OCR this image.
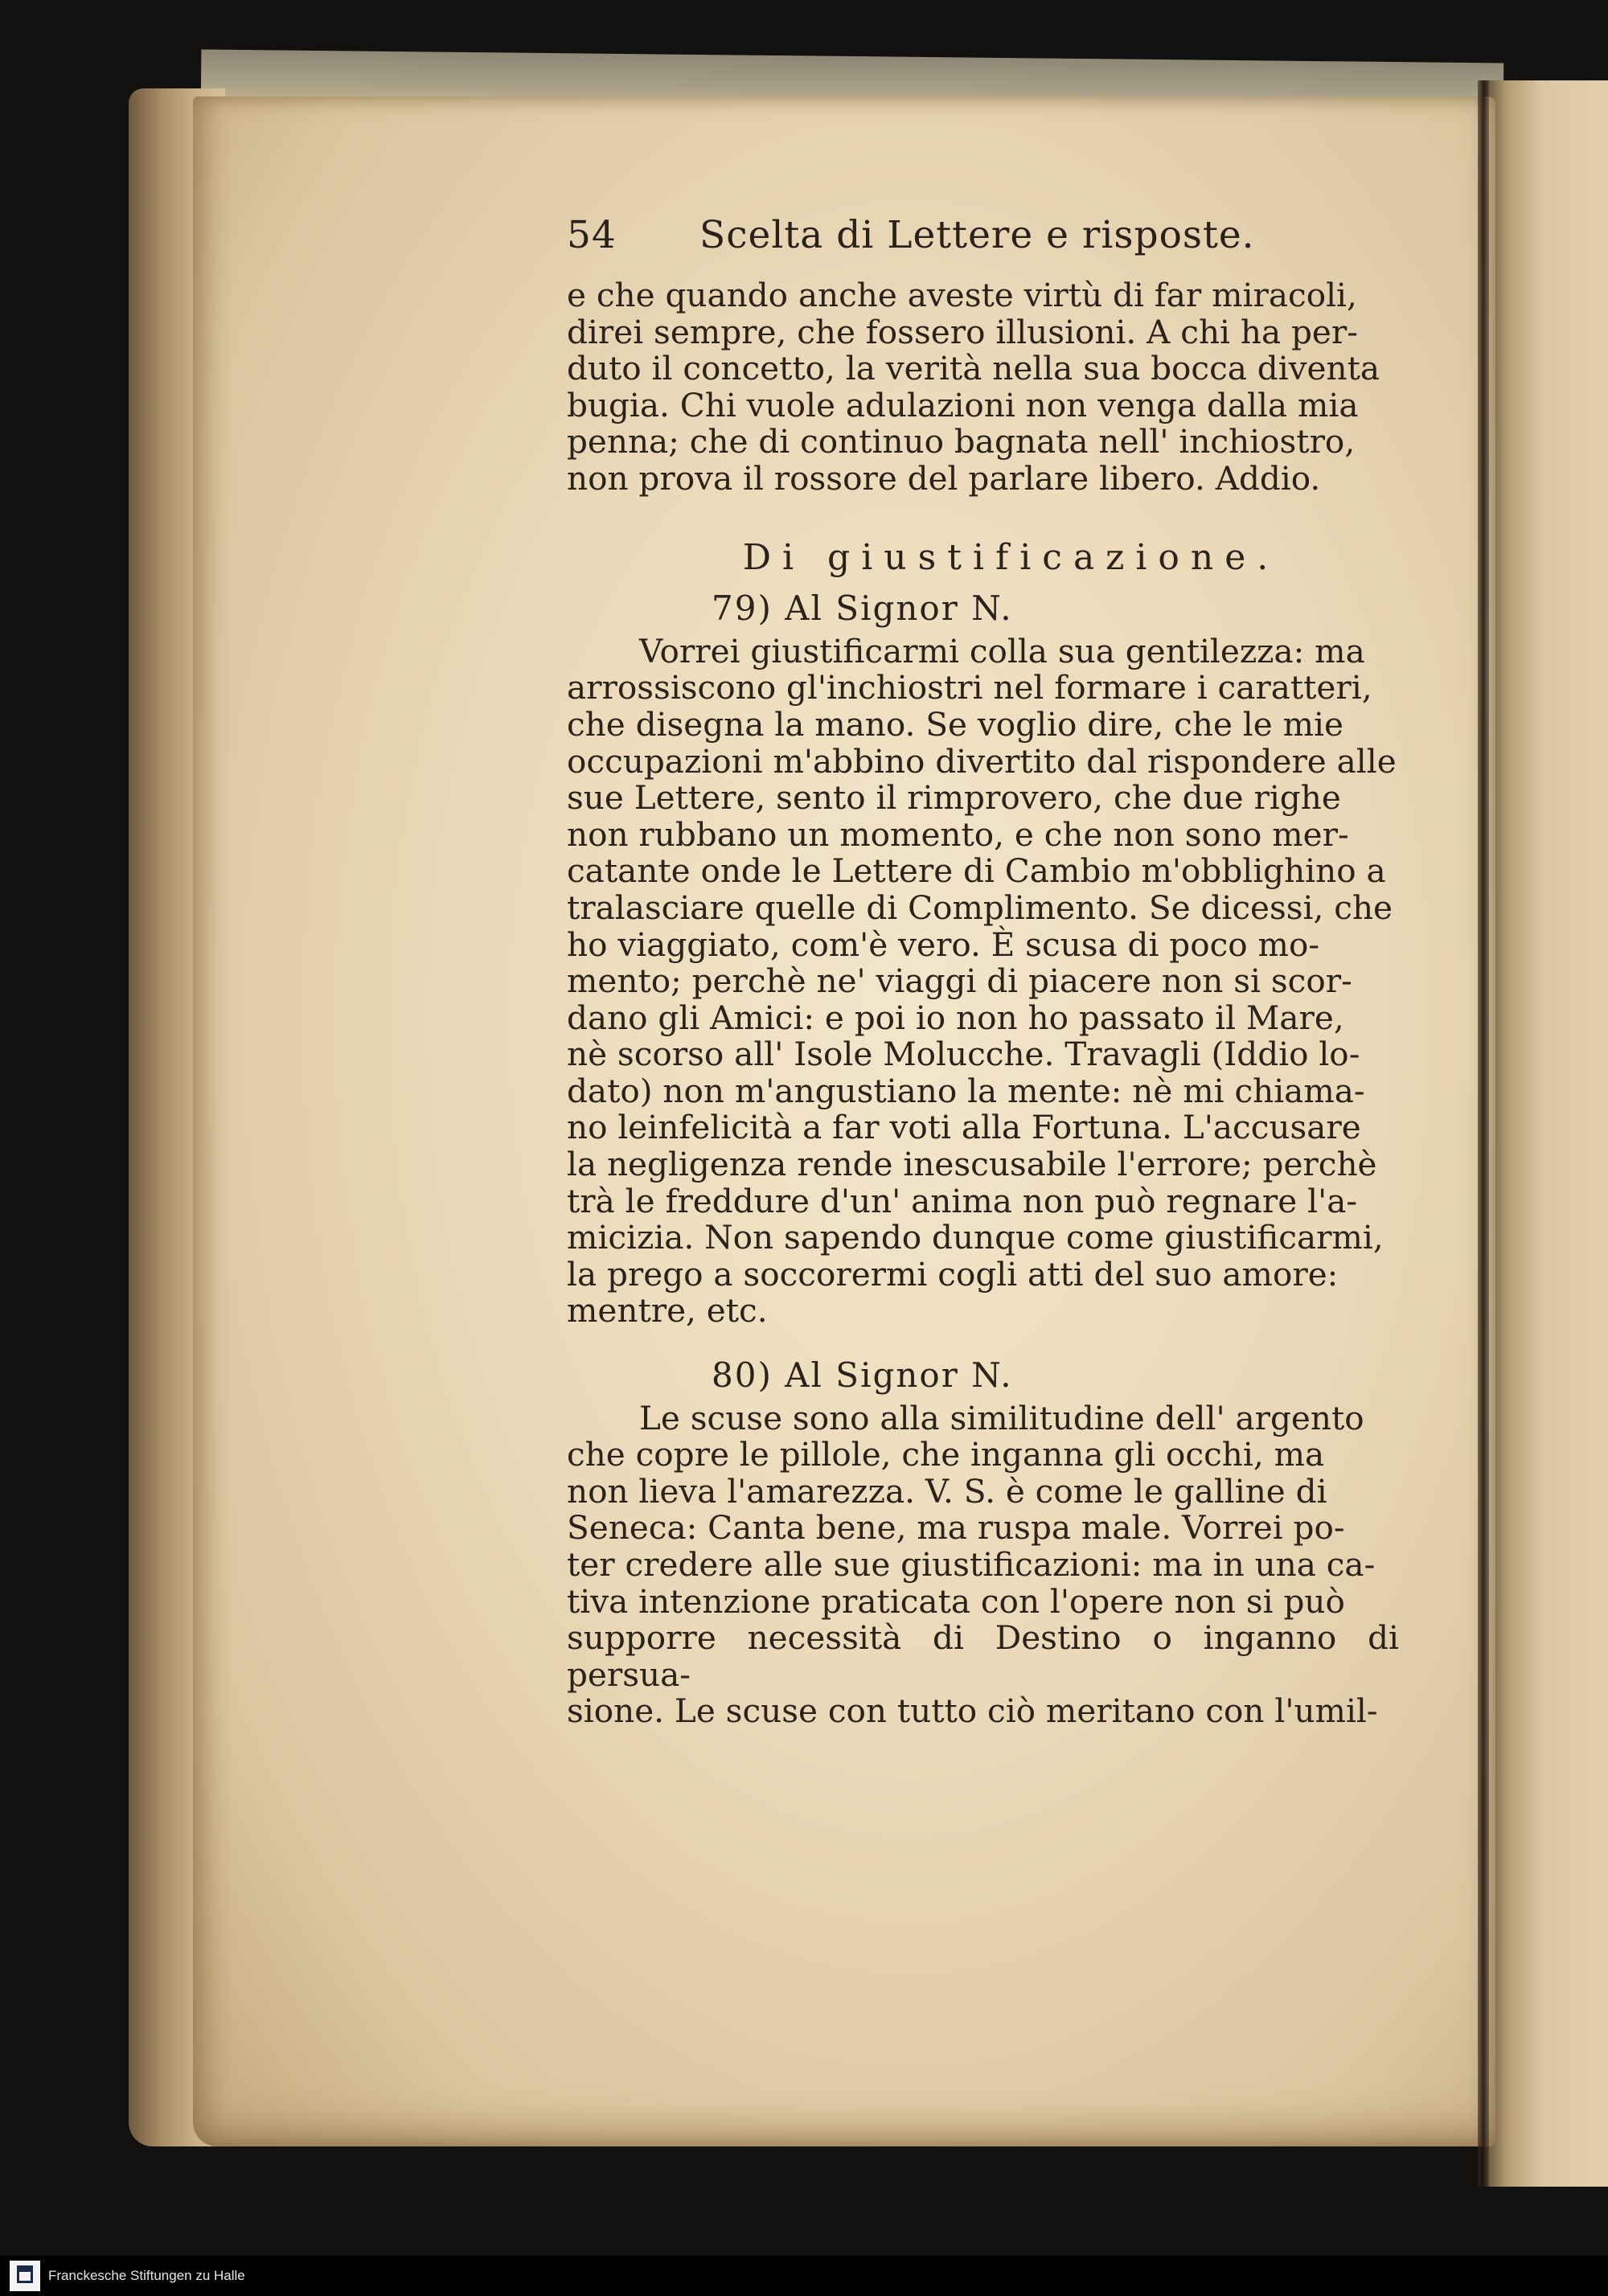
54	Scelta di Lettere e risposte.

e che quando anche aveste virtù di far miracoli,

direi sempre, che fossero illusioni. A chi ha per-

duto il concetto, la verità nella sua bocca diventa

bugia. Chi vuole adulazioni non venga dalla mia

penna; che di continuo bagnata nell' inchiostro,

non prova il rossore del parlare libero. Addio.

Di giustificazione.
79) Al Signor N.

Vorrei giustificarmi colla sua gentilezza: ma

arrossiscono gl'inchiostri nel formare i caratteri,

che disegna la mano. Se voglio dire, che le mie

occupazioni m'abbino divertito dal rispondere alle

sue Lettere, sento il rimprovero, che due righe

non rubbano un momento, e che non sono mer-

catante onde le Lettere di Cambio m'obblighino a

tralasciare quelle di Complimento. Se dicessi, che

ho viaggiato, com'è vero. È scusa di poco mo-

mento; perchè ne' viaggi di piacere non si scor-

dano gli Amici: e poi io non ho passato il Mare,

nè scorso all' Isole Molucche. Travagli (Iddio lo-

dato) non m'angustiano la mente: nè mi chiama-

no leinfelicità a far voti alla Fortuna. L'accusare

la negligenza rende inescusabile l'errore; perchè

trà le freddure d'un' anima non può regnare l'a-

micizia. Non sapendo dunque come giustificarmi,

la prego a soccorermi cogli atti del suo amore:

mentre, etc.

80) Al Signor N.

Le scuse sono alla similitudine dell' argento

che copre le pillole, che inganna gli occhi, ma

non lieva l'amarezza. V. S. è come le galline di

Seneca: Canta bene, ma ruspa male. Vorrei po-

ter credere alle sue giustificazioni: ma in una ca-

tiva intenzione praticata con l'opere non si può

supporre necessità di Destino o inganno di persua-

sione. Le scuse con tutto ciò meritano con l'umil-

Franckesche Stiftungen zu Halle
